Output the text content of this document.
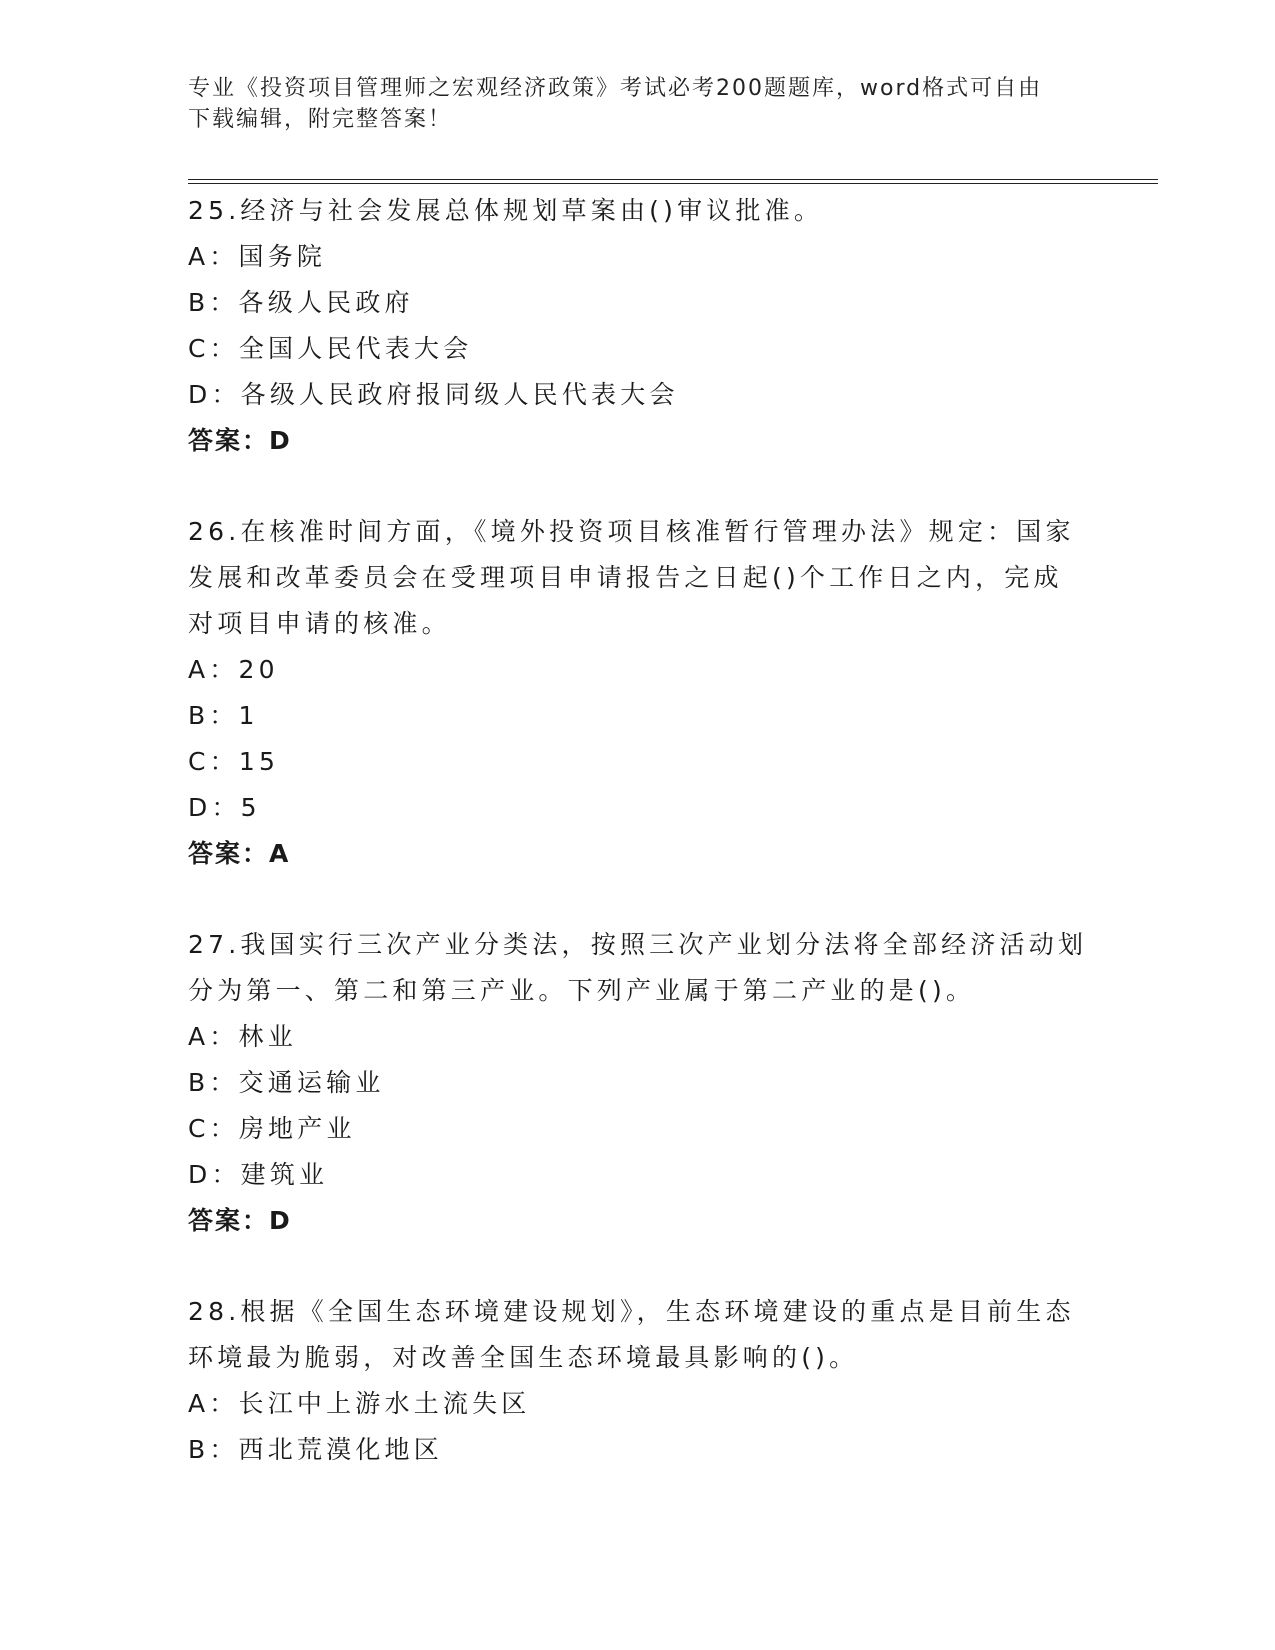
专业《投资项目管理师之宏观经济政策》考试必考200题题库，word格式可自由
下载编辑，附完整答案！
25.经济与社会发展总体规划草案由()审议批准。
A：国务院
B：各级人民政府
C：全国人民代表大会
D：各级人民政府报同级人民代表大会
答案：D
26.在核准时间方面，《境外投资项目核准暂行管理办法》规定：国家
发展和改革委员会在受理项目申请报告之日起()个工作日之内，完成
对项目申请的核准。
A：20
B：1
C：15
D：5
答案：A
27.我国实行三次产业分类法，按照三次产业划分法将全部经济活动划
分为第一、第二和第三产业。下列产业属于第二产业的是()。
A：林业
B：交通运输业
C：房地产业
D：建筑业
答案：D
28.根据《全国生态环境建设规划》，生态环境建设的重点是目前生态
环境最为脆弱，对改善全国生态环境最具影响的()。
A：长江中上游水土流失区
B：西北荒漠化地区
